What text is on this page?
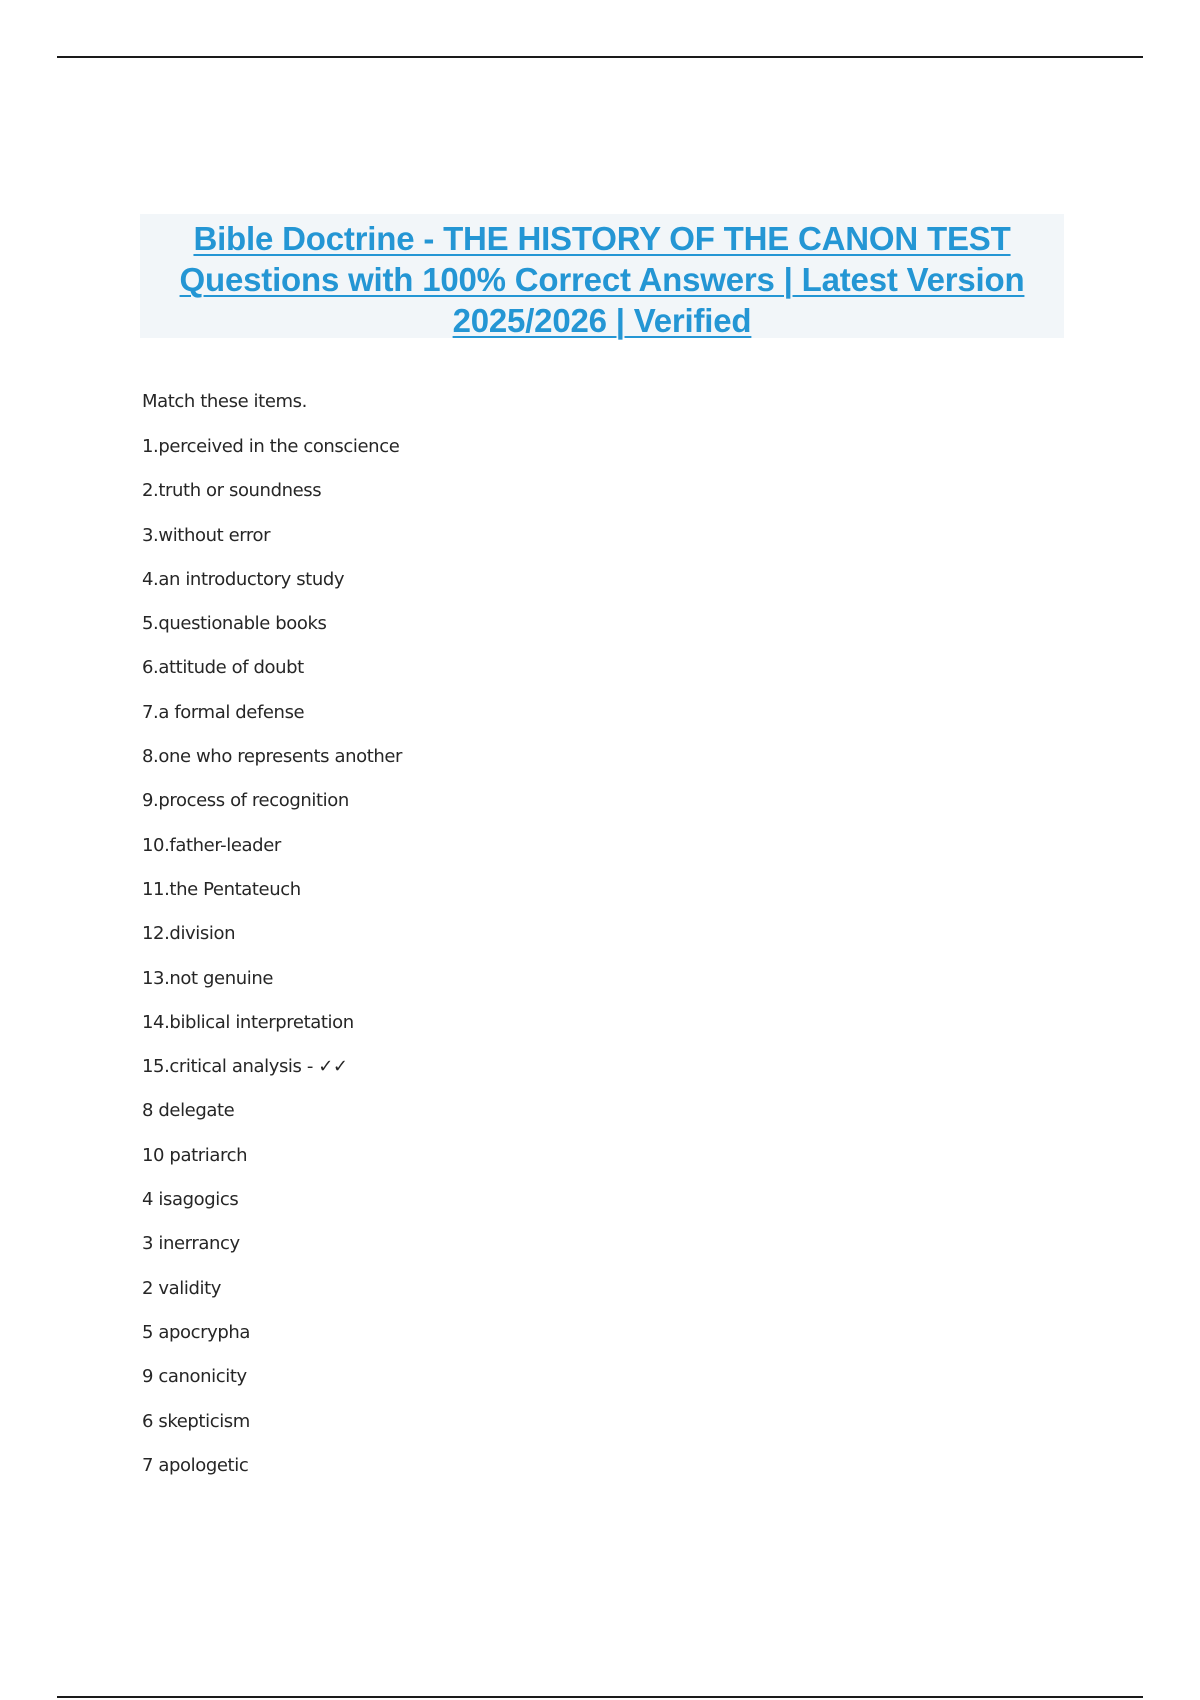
Bible Doctrine - THE HISTORY OF THE CANON TEST
Questions with 100% Correct Answers | Latest Version
2025/2026 | Verified
Match these items.
1.perceived in the conscience
2.truth or soundness
3.without error
4.an introductory study
5.questionable books
6.attitude of doubt
7.a formal defense
8.one who represents another
9.process of recognition
10.father-leader
11.the Pentateuch
12.division
13.not genuine
14.biblical interpretation
15.critical analysis - ✓✓
8 delegate
10 patriarch
4 isagogics
3 inerrancy
2 validity
5 apocrypha
9 canonicity
6 skepticism
7 apologetic
